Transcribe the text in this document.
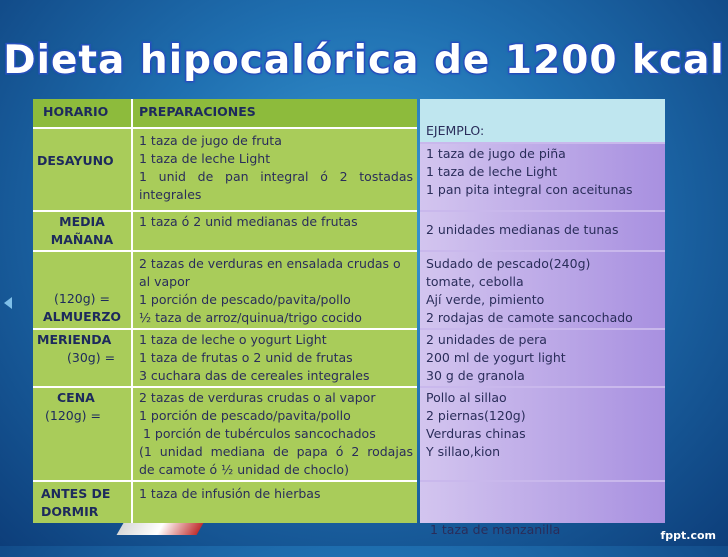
Dieta hipocalórica de 1200 kcal
HORARIO PREPARACIONES
EJEMPLO:
DESAYUNO
1 taza de jugo de fruta
1 taza de leche Light
1 unid de pan integral ó 2 tostadas
integrales
1 taza de jugo de piña
1 taza de leche Light
1 pan pita integral con aceitunas
MEDIA
MAÑANA
1 taza ó 2 unid medianas de frutas
2 unidades medianas de tunas
(120g) =
ALMUERZO
2 tazas de verduras en ensalada crudas o
al vapor
1 porción de pescado/pavita/pollo
½ taza de arroz/quinua/trigo cocido
Sudado de pescado(240g)
tomate, cebolla
Ají verde, pimiento
2 rodajas de camote sancochado
MERIENDA
(30g) =
1 taza de leche o yogurt Light
1 taza de frutas o 2 unid de frutas
3 cuchara das de cereales integrales
2 unidades de pera
200 ml de yogurt light
30 g de granola
CENA
(120g) =
2 tazas de verduras crudas o al vapor
1 porción de pescado/pavita/pollo
1 porción de tubérculos sancochados
(1 unidad mediana de papa ó 2 rodajas
de camote ó ½ unidad de choclo)
Pollo al sillao
2 piernas(120g)
Verduras chinas
Y sillao,kion
ANTES DE
DORMIR
1 taza de infusión de hierbas

1 taza de manzanilla	fppt.com
